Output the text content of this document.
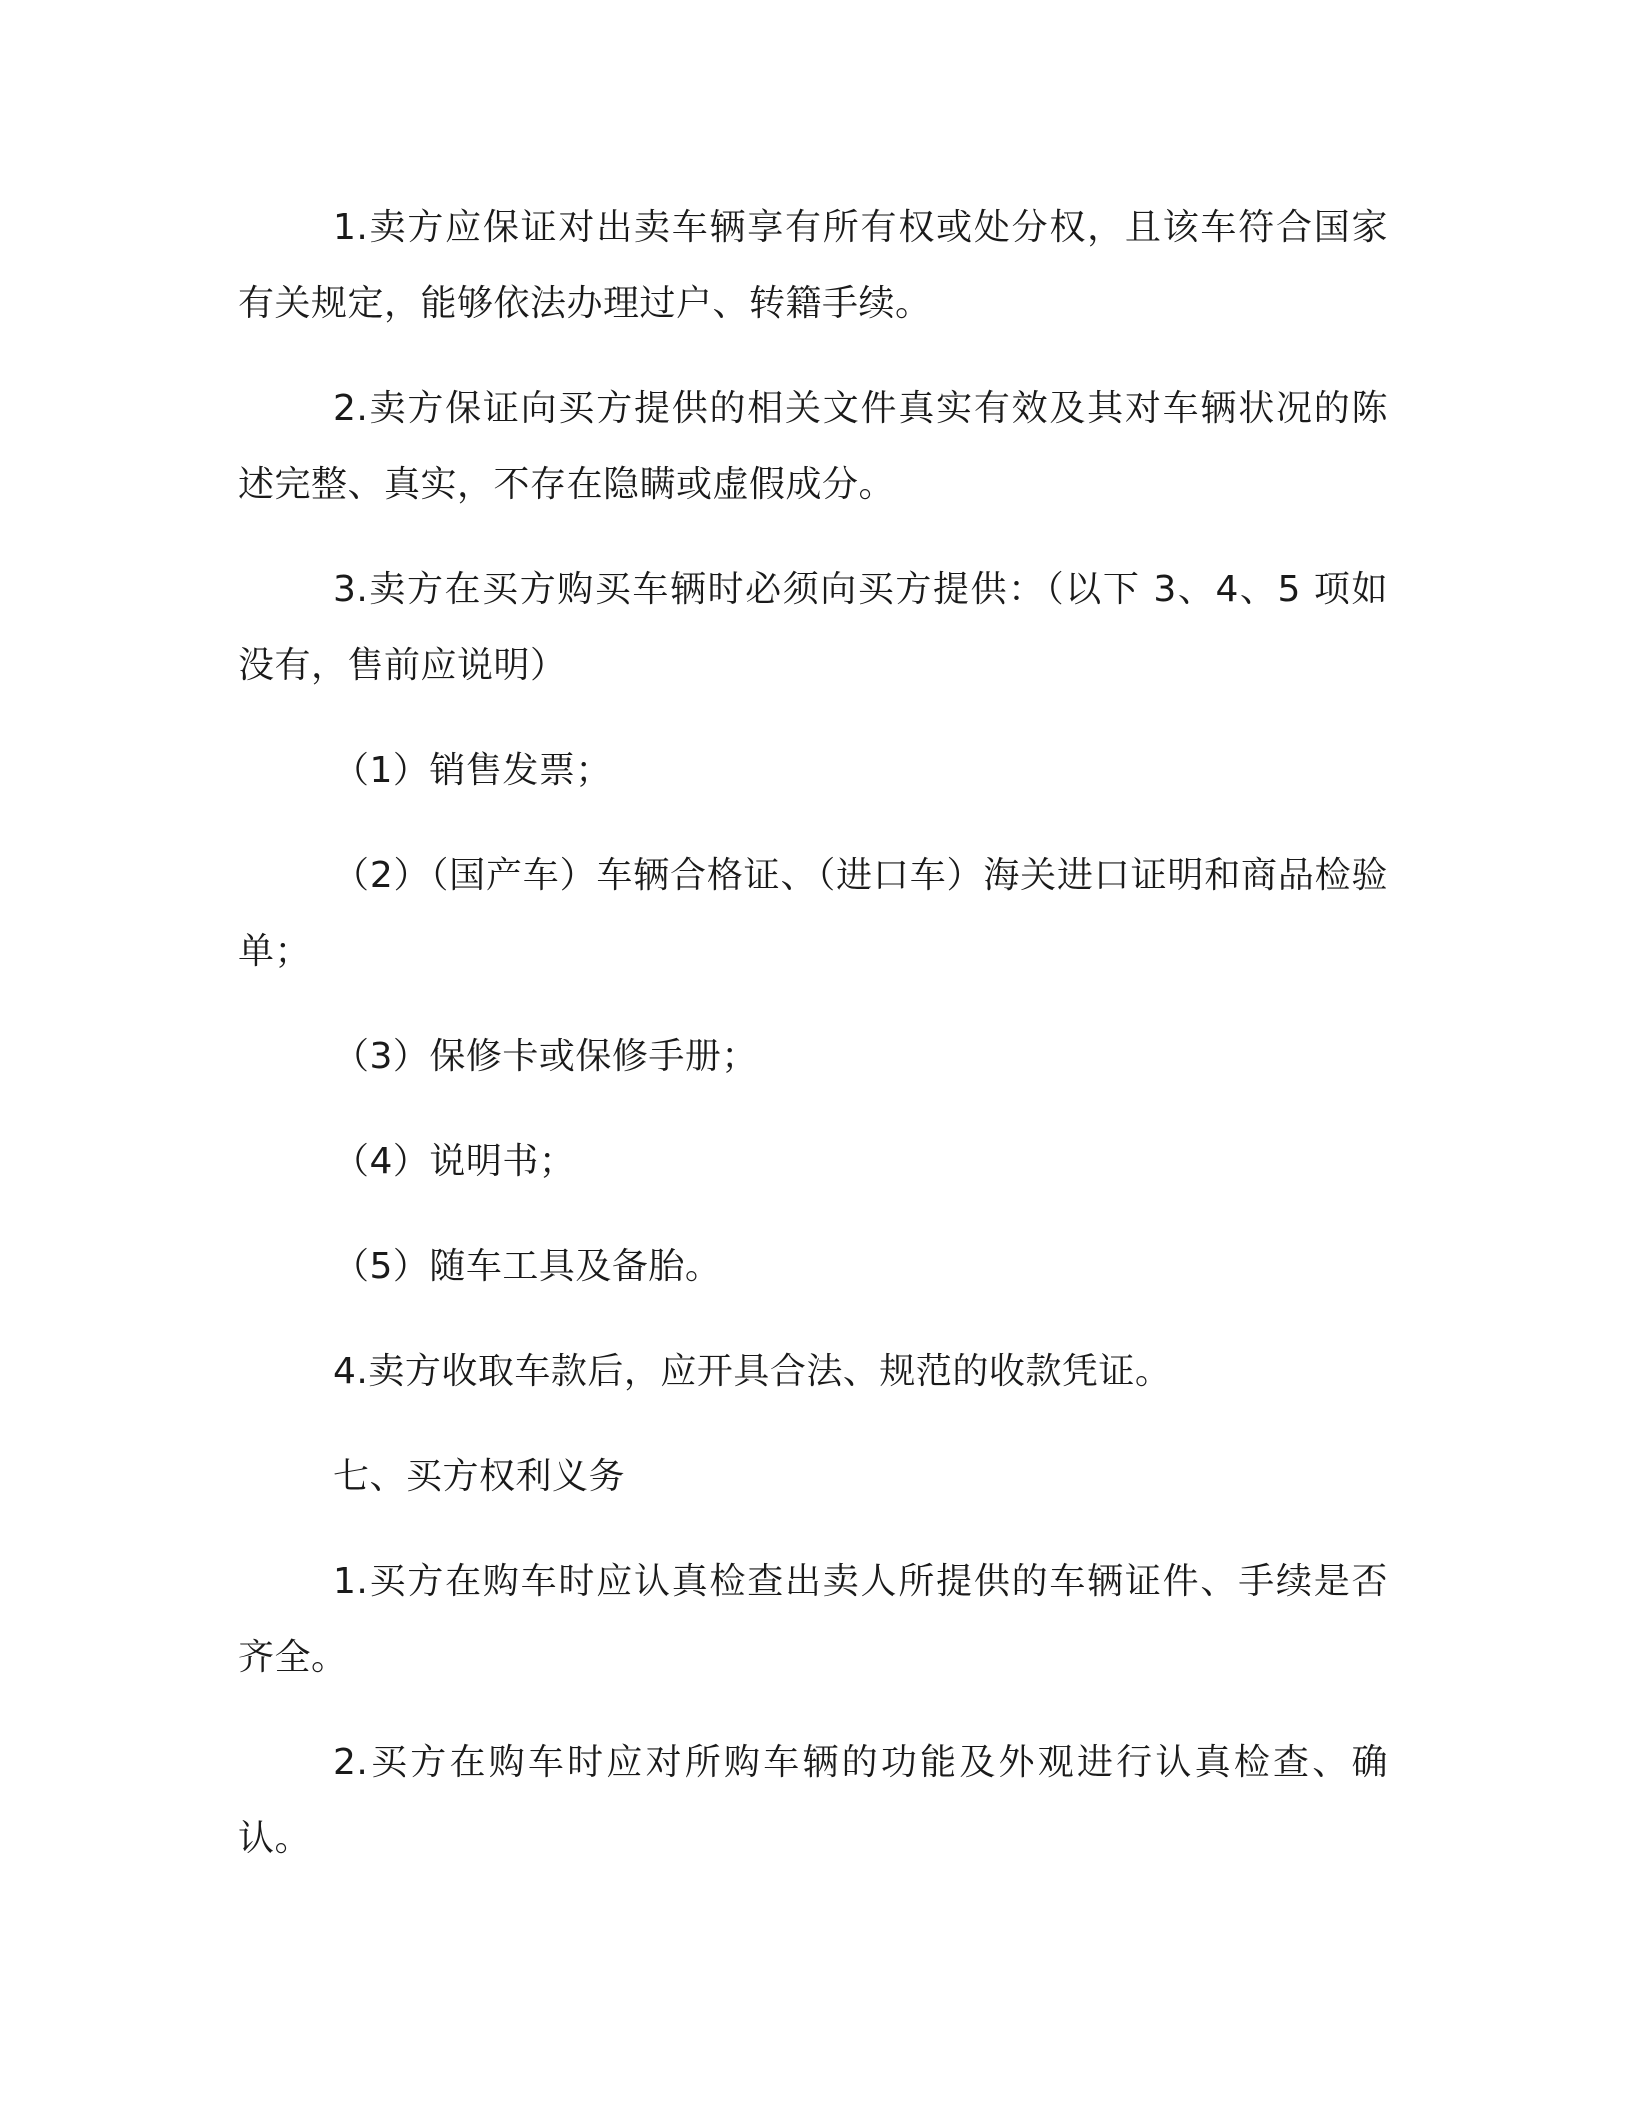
1.卖方应保证对出卖车辆享有所有权或处分权，且该车符合国家有关规定，能够依法办理过户、转籍手续。

2.卖方保证向买方提供的相关文件真实有效及其对车辆状况的陈述完整、真实，不存在隐瞒或虚假成分。

3.卖方在买方购买车辆时必须向买方提供：（以下 3、4、5 项如没有，售前应说明）

（1）销售发票；

（2）（国产车）车辆合格证、（进口车）海关进口证明和商品检验单；

（3）保修卡或保修手册；

（4）说明书；

（5）随车工具及备胎。

4.卖方收取车款后，应开具合法、规范的收款凭证。

七、买方权利义务

1.买方在购车时应认真检查出卖人所提供的车辆证件、手续是否齐全。

2.买方在购车时应对所购车辆的功能及外观进行认真检查、确认。
